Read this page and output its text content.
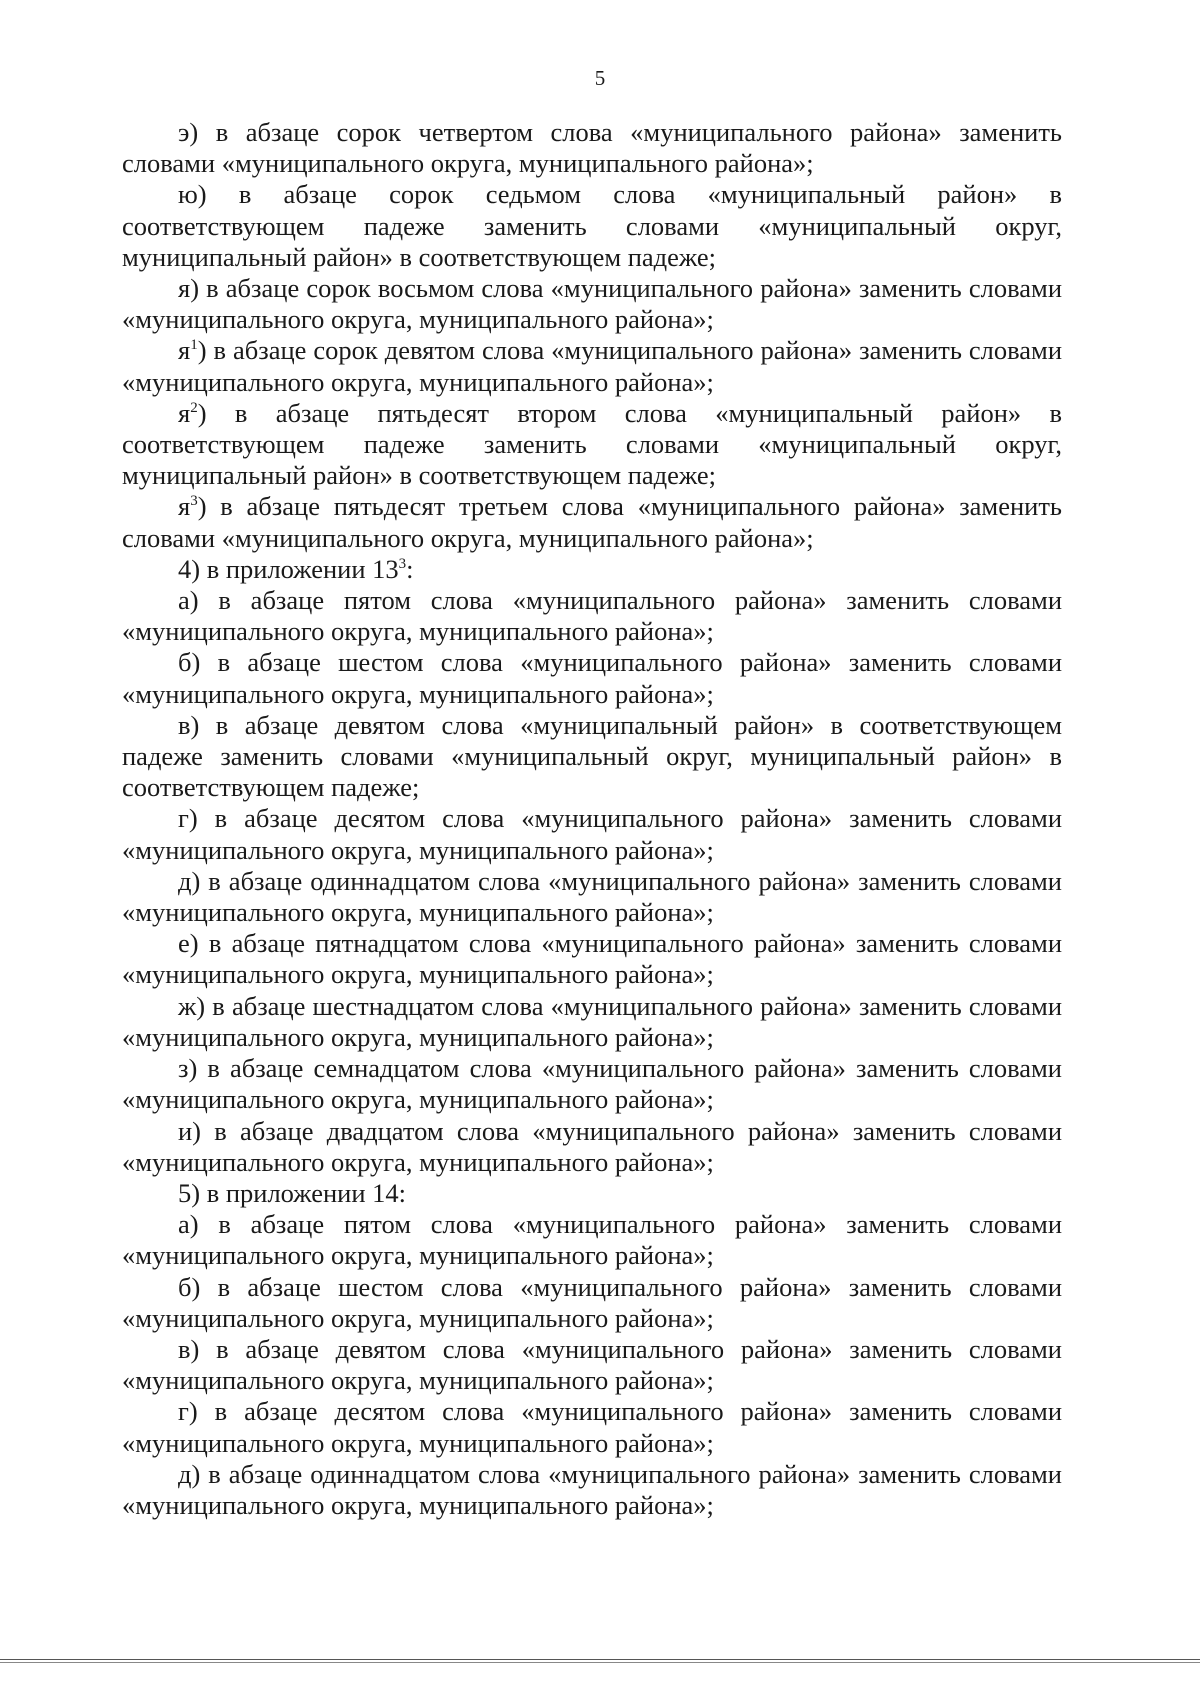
5

э) в абзаце сорок четвертом слова «муниципального района» заменить словами «муниципального округа, муниципального района»;

ю) в абзаце сорок седьмом слова «муниципальный район» в соответствующем падеже заменить словами «муниципальный округ, муниципальный район» в соответствующем падеже;

я) в абзаце сорок восьмом слова «муниципального района» заменить словами «муниципального округа, муниципального района»;

$я^1$) в абзаце сорок девятом слова «муниципального района» заменить словами «муниципального округа, муниципального района»;

$я^2$) в абзаце пятьдесят втором слова «муниципальный район» в соответствующем падеже заменить словами «муниципальный округ, муниципальный район» в соответствующем падеже;

$я^3$) в абзаце пятьдесят третьем слова «муниципального района» заменить словами «муниципального округа, муниципального района»;

4) в приложении $13^3$:

а) в абзаце пятом слова «муниципального района» заменить словами «муниципального округа, муниципального района»;

б) в абзаце шестом слова «муниципального района» заменить словами «муниципального округа, муниципального района»;

в) в абзаце девятом слова «муниципальный район» в соответствующем падеже заменить словами «муниципальный округ, муниципальный район» в соответствующем падеже;

г) в абзаце десятом слова «муниципального района» заменить словами «муниципального округа, муниципального района»;

д) в абзаце одиннадцатом слова «муниципального района» заменить словами «муниципального округа, муниципального района»;

е) в абзаце пятнадцатом слова «муниципального района» заменить словами «муниципального округа, муниципального района»;

ж) в абзаце шестнадцатом слова «муниципального района» заменить словами «муниципального округа, муниципального района»;

з) в абзаце семнадцатом слова «муниципального района» заменить словами «муниципального округа, муниципального района»;

и) в абзаце двадцатом слова «муниципального района» заменить словами «муниципального округа, муниципального района»;

5) в приложении 14:

а) в абзаце пятом слова «муниципального района» заменить словами «муниципального округа, муниципального района»;

б) в абзаце шестом слова «муниципального района» заменить словами «муниципального округа, муниципального района»;

в) в абзаце девятом слова «муниципального района» заменить словами «муниципального округа, муниципального района»;

г) в абзаце десятом слова «муниципального района» заменить словами «муниципального округа, муниципального района»;

д) в абзаце одиннадцатом слова «муниципального района» заменить словами «муниципального округа, муниципального района»;
